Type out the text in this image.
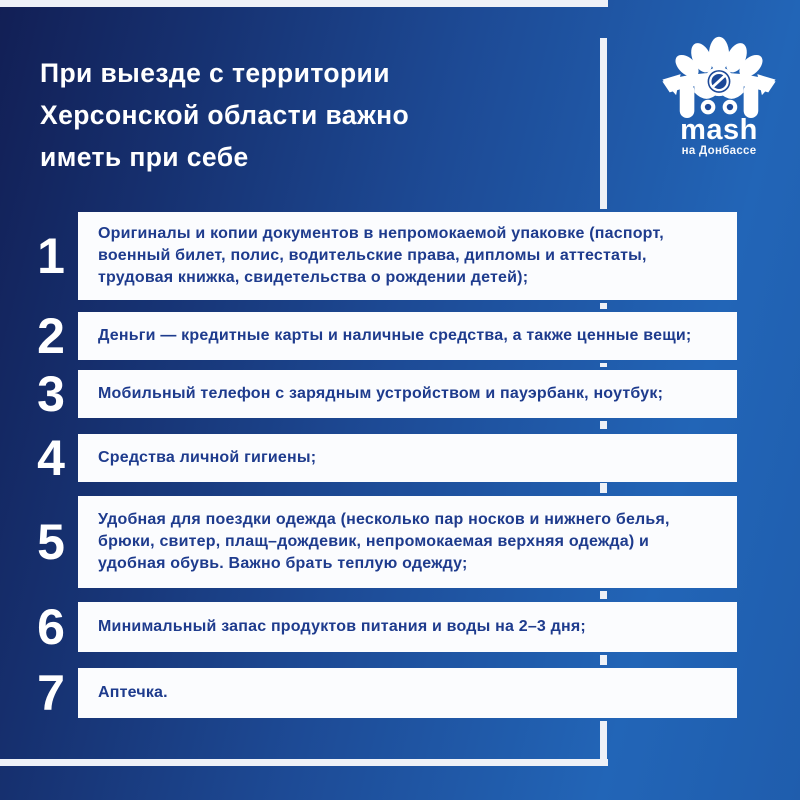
При выезде с территории
Херсонской области важно
иметь при себе
mash
на Донбассе
1	Оригиналы и копии документов в непромокаемой упаковке (паспорт, военный билет, полис, водительские права, дипломы и аттестаты, трудовая книжка, свидетельства о рождении детей);
2	Деньги — кредитные карты и наличные средства, а также ценные вещи;
3	Мобильный телефон с зарядным устройством и пауэрбанк, ноутбук;
4	Средства личной гигиены;
5	Удобная для поездки одежда (несколько пар носков и нижнего белья, брюки, свитер, плащ–дождевик, непромокаемая верхняя одежда) и удобная обувь. Важно брать теплую одежду;
6	Минимальный запас продуктов питания и воды на 2–3 дня;
7	Аптечка.
